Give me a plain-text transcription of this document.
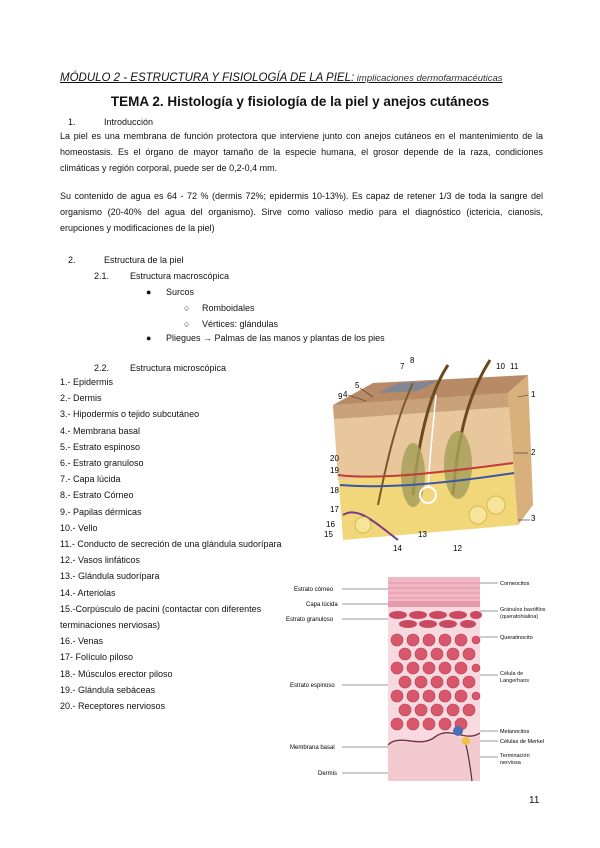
MÓDULO 2 - ESTRUCTURA Y FISIOLOGÍA DE LA PIEL: implicaciones dermofarmacéuticas
TEMA 2. Histología y fisiología de la piel y anejos cutáneos
1.	Introducción
La piel es una membrana de función protectora que interviene junto con anejos cutáneos en el mantenimiento de la homeostasis. Es el órgano de mayor tamaño de la especie humana, el grosor depende de la raza, condiciones climáticas y región corporal, puede ser de 0,2-0,4 mm.
Su contenido de agua es 64 - 72 % (dermis 72%; epidermis 10-13%). Es capaz de retener 1/3 de toda la sangre del organismo (20-40% del agua del organismo). Sirve como valioso medio para el diagnóstico (ictericia, cianosis, erupciones y modificaciones de la piel)
2.	Estructura de la piel
2.1. Estructura macroscópica
● Surcos
○ Romboidales
○ Vértices: glándulas
● Pliegues → Palmas de las manos y plantas de los pies
2.2. Estructura microscópica
1.- Epidermis
2.- Dermis
3.- Hipodermis o tejido subcutáneo
4.- Membrana basal
5.- Estrato espinoso
6.- Estrato granuloso
7.- Capa lúcida
8.- Estrato Córneo
9.- Papilas dérmicas
10.- Vello
11.- Conducto de secreción de una glándula sudorípara
12.- Vasos linfáticos
13.- Glándula sudorípara
14.- Arteriolas
15.-Corpúsculo de pacini (contactar con diferentes
terminaciones nerviosas)
16.- Venas
17- Folículo piloso
18.- Músculos erector piloso
19.- Glándula sebáceas
20.- Receptores nerviosos
1
2
3
4
5
7
8
9
10 11
12
13
14
15
16
17
18
19
20
Estrato córneo
Capa lúcida
Estrato granuloso
Estrato espinoso
Membrana basal
Dermis
Corneocitos
Gránulos basófilos (queratohialina)
Queratinocito
Célula de Langerhans
Melanocitos
Células de Merkel
Terminación nerviosa
11
